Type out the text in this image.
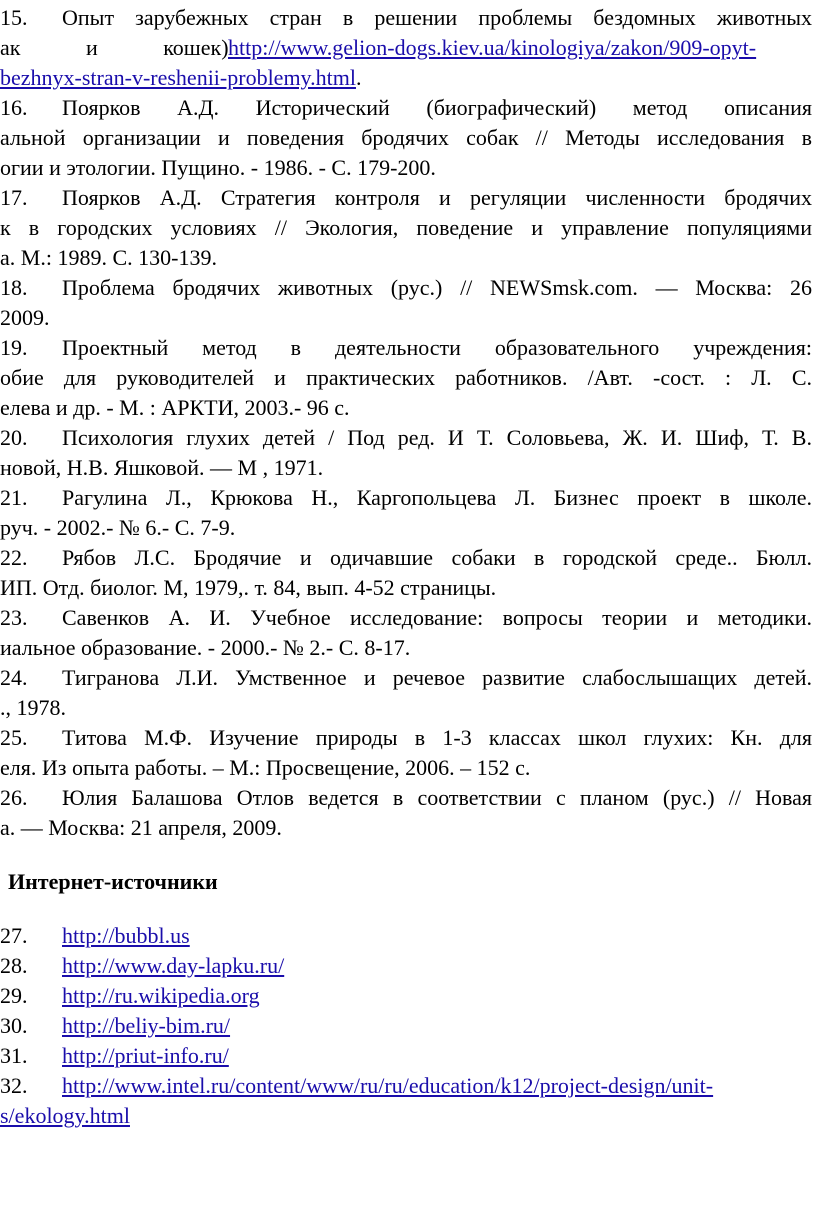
15. Опыт зарубежных стран в решении проблемы бездомных животных
ак и кошек)http://www.gelion-dogs.kiev.ua/kinologiya/zakon/909-opyt-
bezhnyx-stran-v-reshenii-problemy.html.
16. Поярков А.Д. Исторический (биографический) метод описания
альной организации и поведения бродячих собак // Методы исследования в
огии и этологии. Пущино. - 1986. - С. 179-200.
17. Поярков А.Д. Стратегия контроля и регуляции численности бродячих
к в городских условиях // Экология, поведение и управление популяциями
а. М.: 1989. С. 130-139.
18. Проблема бродячих животных (рус.) // NEWSmsk.com. — Москва: 26
2009.
19. Проектный метод в деятельности образовательного учреждения:
обие для руководителей и практических работников. /Авт. -сост. : Л. С.
елева и др. - М. : АРКТИ, 2003.- 96 с.
20. Психология глухих детей / Под ред. И Т. Соловьева, Ж. И. Шиф, Т. В.
новой, Н.В. Яшковой. — М , 1971.
21. Рагулина Л., Крюкова Н., Каргопольцева Л. Бизнес проект в школе.
руч. - 2002.- № 6.- С. 7-9.
22. Рябов Л.С. Бродячие и одичавшие собаки в городской среде.. Бюлл.
ИП. Отд. биолог. М, 1979,. т. 84, вып. 4-52 страницы.
23. Савенков А. И. Учебное исследование: вопросы теории и методики.
иальное образование. - 2000.- № 2.- С. 8-17.
24. Тигранова Л.И. Умственное и речевое развитие слабослышащих детей.
., 1978.
25. Титова М.Ф. Изучение природы в 1-3 классах школ глухих: Кн. для
еля. Из опыта работы. – М.: Просвещение, 2006. – 152 с.
26. Юлия Балашова Отлов ведется в соответствии с планом (рус.) // Новая
а. — Москва: 21 апреля, 2009.
Интернет-источники
27. http://bubbl.us
28. http://www.day-lapku.ru/
29. http://ru.wikipedia.org
30. http://beliy-bim.ru/
31. http://priut-info.ru/
32. http://www.intel.ru/content/www/ru/ru/education/k12/project-design/unit-
s/ekology.html
